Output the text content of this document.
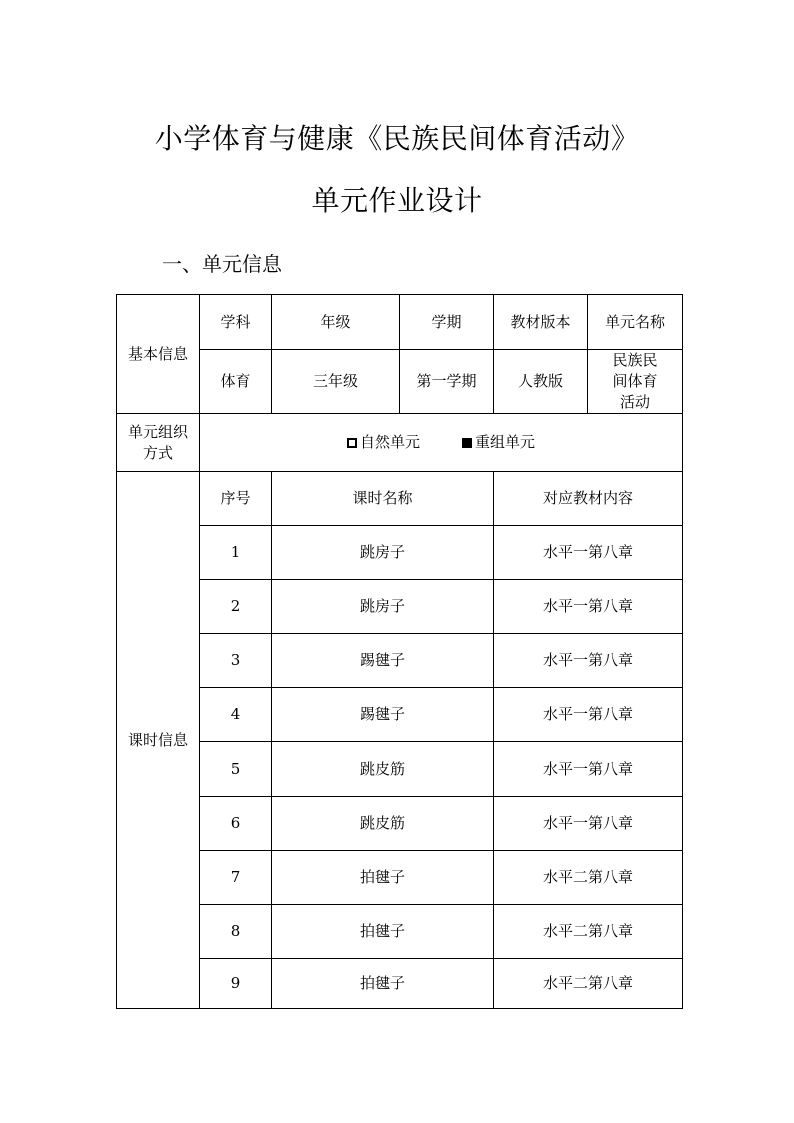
小学体育与健康《民族民间体育活动》
单元作业设计
一、单元信息
基本信息	学科	年级	学期	教材版本	单元名称
	体育	三年级	第一学期	人教版	民族民间体育活动

单元组织方式	自然单元 重组单元				
课时信息	序号	课时名称		对应教材内容	
	1	跳房子		水平一第八章	
	2	跳房子		水平一第八章	
	3	踢毽子		水平一第八章	
	4	踢毽子		水平一第八章	
	5	跳皮筋		水平一第八章	
	6	跳皮筋		水平一第八章	
	7	拍毽子		水平二第八章	
	8	拍毽子		水平二第八章	
	9	拍毽子		水平二第八章	
